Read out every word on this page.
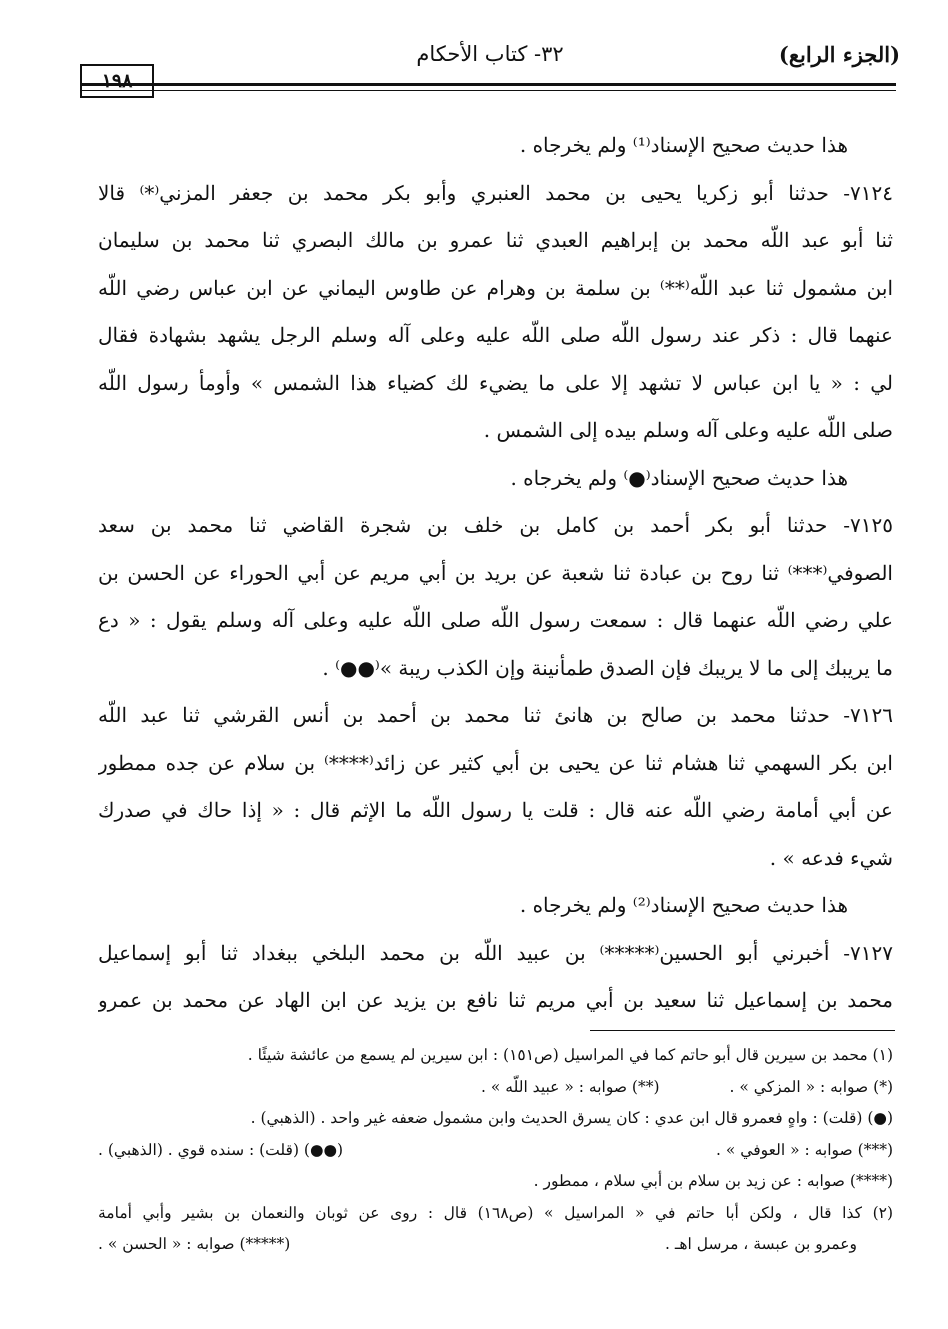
(الجزء الرابع)
٣٢- كتاب الأحكام
١٩٨
هذا حديث صحيح الإسناد⁽¹⁾ ولم يخرجاه .
٧١٢٤- حدثنا أبو زكريا يحيى بن محمد العنبري وأبو بكر محمد بن جعفر المزني⁽*⁾ قالا
ثنا أبو عبد اللّه محمد بن إبراهيم العبدي ثنا عمرو بن مالك البصري ثنا محمد بن سليمان
ابن مشمول ثنا عبد اللّه⁽**⁾ بن سلمة بن وهرام عن طاوس اليماني عن ابن عباس رضي اللّه
عنهما قال : ذكر عند رسول اللّه صلى اللّه عليه وعلى آله وسلم الرجل يشهد بشهادة فقال
لي : « يا ابن عباس لا تشهد إلا على ما يضيء لك كضياء هذا الشمس » وأومأ رسول اللّه
صلى اللّه عليه وعلى آله وسلم بيده إلى الشمس .
هذا حديث صحيح الإسناد⁽●⁾ ولم يخرجاه .
٧١٢٥- حدثنا أبو بكر أحمد بن كامل بن خلف بن شجرة القاضي ثنا محمد بن سعد
الصوفي⁽***⁾ ثنا روح بن عبادة ثنا شعبة عن بريد بن أبي مريم عن أبي الحوراء عن الحسن بن
علي رضي اللّه عنهما قال : سمعت رسول اللّه صلى اللّه عليه وعلى آله وسلم يقول : « دع
ما يريبك إلى ما لا يريبك فإن الصدق طمأنينة وإن الكذب ريبة »⁽●●⁾ .
٧١٢٦- حدثنا محمد بن صالح بن هانئ ثنا محمد بن أحمد بن أنس القرشي ثنا عبد اللّه
ابن بكر السهمي ثنا هشام ثنا عن يحيى بن أبي كثير عن زائد⁽****⁾ بن سلام عن جده ممطور
عن أبي أمامة رضي اللّه عنه قال : قلت يا رسول اللّه ما الإثم قال : « إذا حاك في صدرك
شيء فدعه » .
هذا حديث صحيح الإسناد⁽²⁾ ولم يخرجاه .
٧١٢٧- أخبرني أبو الحسين⁽*****⁾ بن عبيد اللّه بن محمد البلخي ببغداد ثنا أبو إسماعيل
محمد بن إسماعيل ثنا سعيد بن أبي مريم ثنا نافع بن يزيد عن ابن الهاد عن محمد بن عمرو
(١) محمد بن سيرين قال أبو حاتم كما في المراسيل (ص١٥١) : ابن سيرين لم يسمع من عائشة شيئًا .
(*) صوابه : « المزكي » .
(**) صوابه : « عبيد اللّه » .
(●) (قلت) : واهٍ فعمرو قال ابن عدي : كان يسرق الحديث وابن مشمول ضعفه غير واحد . (الذهبي) .
(***) صوابه : « العوفي » .
(●●) (قلت) : سنده قوي . (الذهبي) .
(****) صوابه : عن زيد بن سلام بن أبي سلام ، ممطور .
(٢) كذا قال ، ولكن أبا حاتم في « المراسيل » (ص١٦٨) قال : روى عن ثوبان والنعمان بن بشير وأبي أمامة
وعمرو بن عبسة ، مرسل اهـ .
(*****) صوابه : « الحسن » .
